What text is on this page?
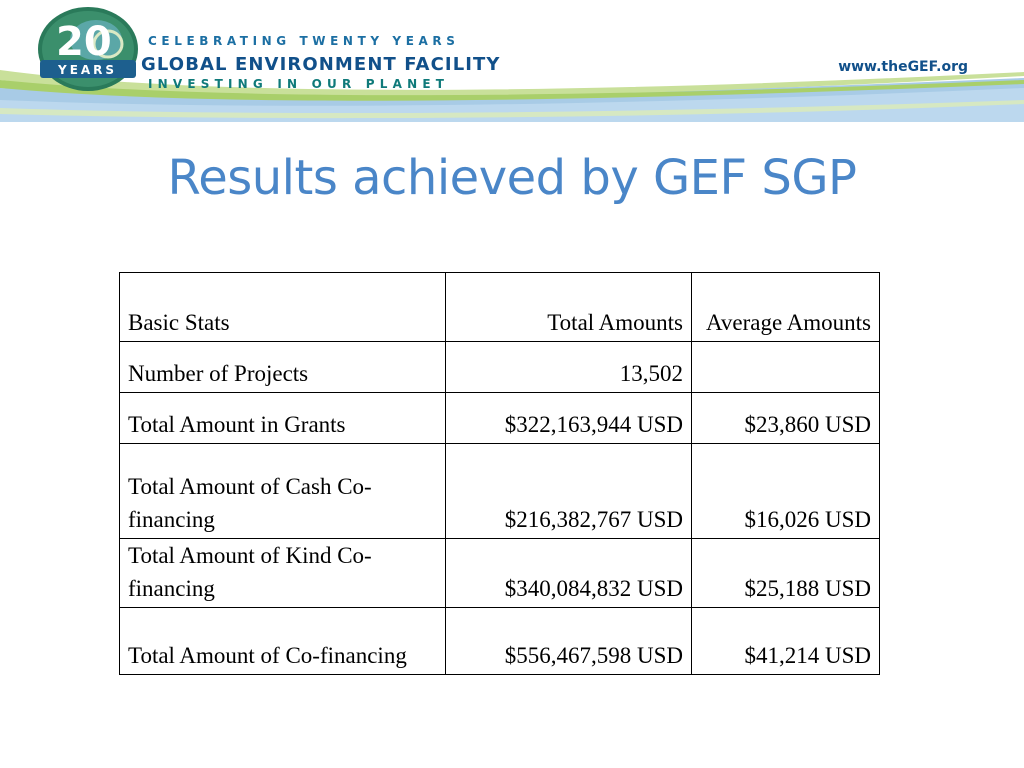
20
YEARS
CELEBRATING TWENTY YEARS
GLOBAL ENVIRONMENT FACILITY
INVESTING IN OUR PLANET
www.theGEF.org
Results achieved by GEF SGP
Basic Stats	Total Amounts	Average Amounts
Number of Projects	13,502	
Total Amount in Grants	$322,163,944 USD	$23,860 USD
Total Amount of Cash Co-financing	$216,382,767 USD	$16,026 USD
Total Amount of Kind Co-financing	$340,084,832 USD	$25,188 USD
Total Amount of Co-financing	$556,467,598 USD	$41,214 USD
